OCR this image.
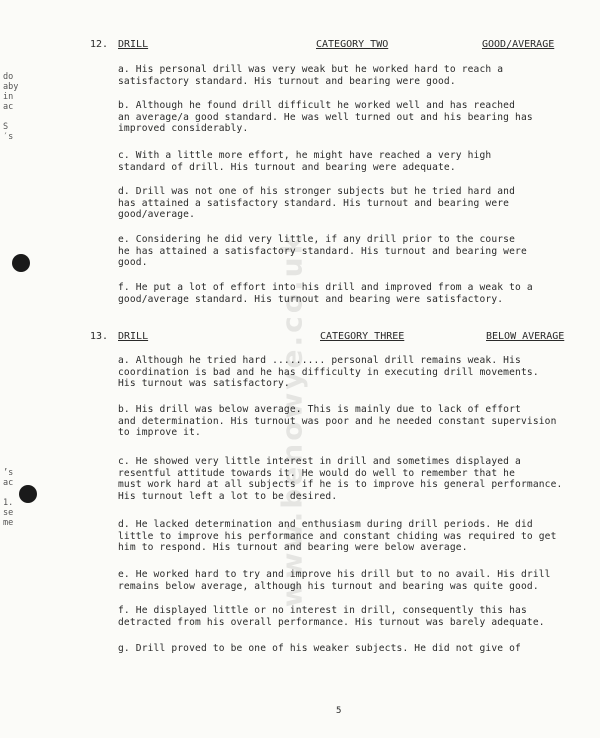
do
aby
in
ac

S
′s
’s
ac

1.
se
me	www.benowye.co.uk
12. DRILL	CATEGORY TWO	GOOD/AVERAGE
a. His personal drill was very weak but he worked hard to reach a
satisfactory standard. His turnout and bearing were good.
b. Although he found drill difficult he worked well and has reached
an average/a good standard. He was well turned out and his bearing has
improved considerably.
c. With a little more effort, he might have reached a very high
standard of drill. His turnout and bearing were adequate.
d. Drill was not one of his stronger subjects but he tried hard and
has attained a satisfactory standard. His turnout and bearing were
good/average.
e. Considering he did very little, if any drill prior to the course
he has attained a satisfactory standard. His turnout and bearing were
good.
f. He put a lot of effort into his drill and improved from a weak to a
good/average standard. His turnout and bearing were satisfactory.
13. DRILL	CATEGORY THREE	BELOW AVERAGE
a. Although he tried hard ......... personal drill remains weak. His
coordination is bad and he has difficulty in executing drill movements.
His turnout was satisfactory.
b. His drill was below average. This is mainly due to lack of effort
and determination. His turnout was poor and he needed constant supervision
to improve it.
c. He showed very little interest in drill and sometimes displayed a
resentful attitude towards it. He would do well to remember that he
must work hard at all subjects if he is to improve his general performance.
His turnout left a lot to be desired.
d. He lacked determination and enthusiasm during drill periods. He did
little to improve his performance and constant chiding was required to get
him to respond. His turnout and bearing were below average.
e. He worked hard to try and improve his drill but to no avail. His drill
remains below average, although his turnout and bearing was quite good.
f. He displayed little or no interest in drill, consequently this has
detracted from his overall performance. His turnout was barely adequate.
g. Drill proved to be one of his weaker subjects. He did not give of
5
